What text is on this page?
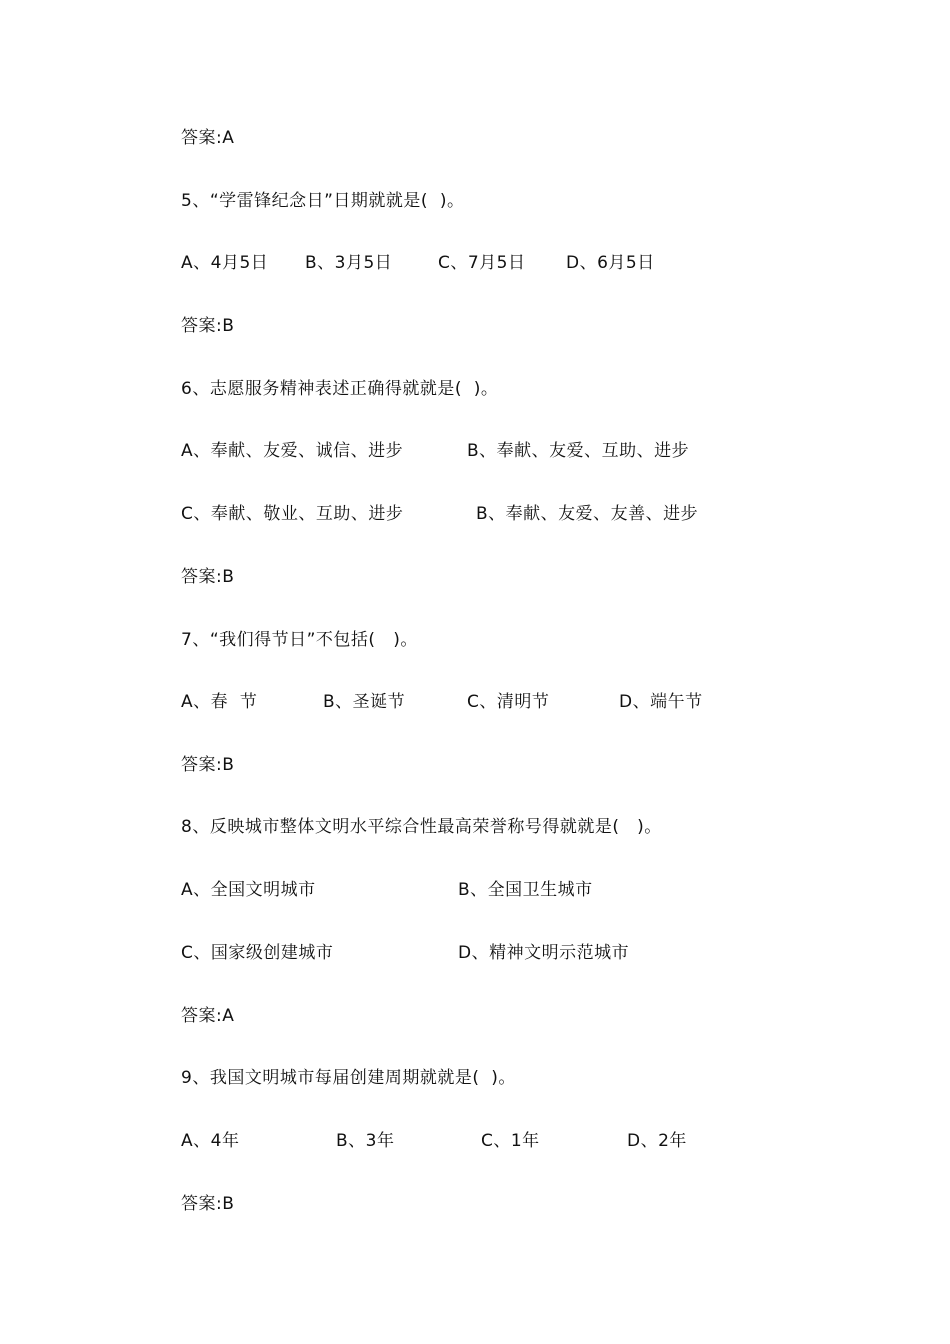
答案:A
5、“学雷锋纪念日”日期就就是(  )。
A、4月5日 B、3月5日	C、7月5日 D、6月5日
答案:B
6、志愿服务精神表述正确得就就是(  )。
A、奉献、友爱、诚信、进步	B、奉献、友爱、互助、进步
C、奉献、敬业、互助、进步	B、奉献、友爱、友善、进步
答案:B
7、“我们得节日”不包括(   )。
A、春  节	B、圣诞节	C、清明节	D、端午节
答案:B
8、反映城市整体文明水平综合性最高荣誉称号得就就是(   )。
A、全国文明城市	B、全国卫生城市
C、国家级创建城市	D、精神文明示范城市
答案:A
9、我国文明城市每届创建周期就就是(  )。
A、4年	B、3年	C、1年	D、2年
答案:B
